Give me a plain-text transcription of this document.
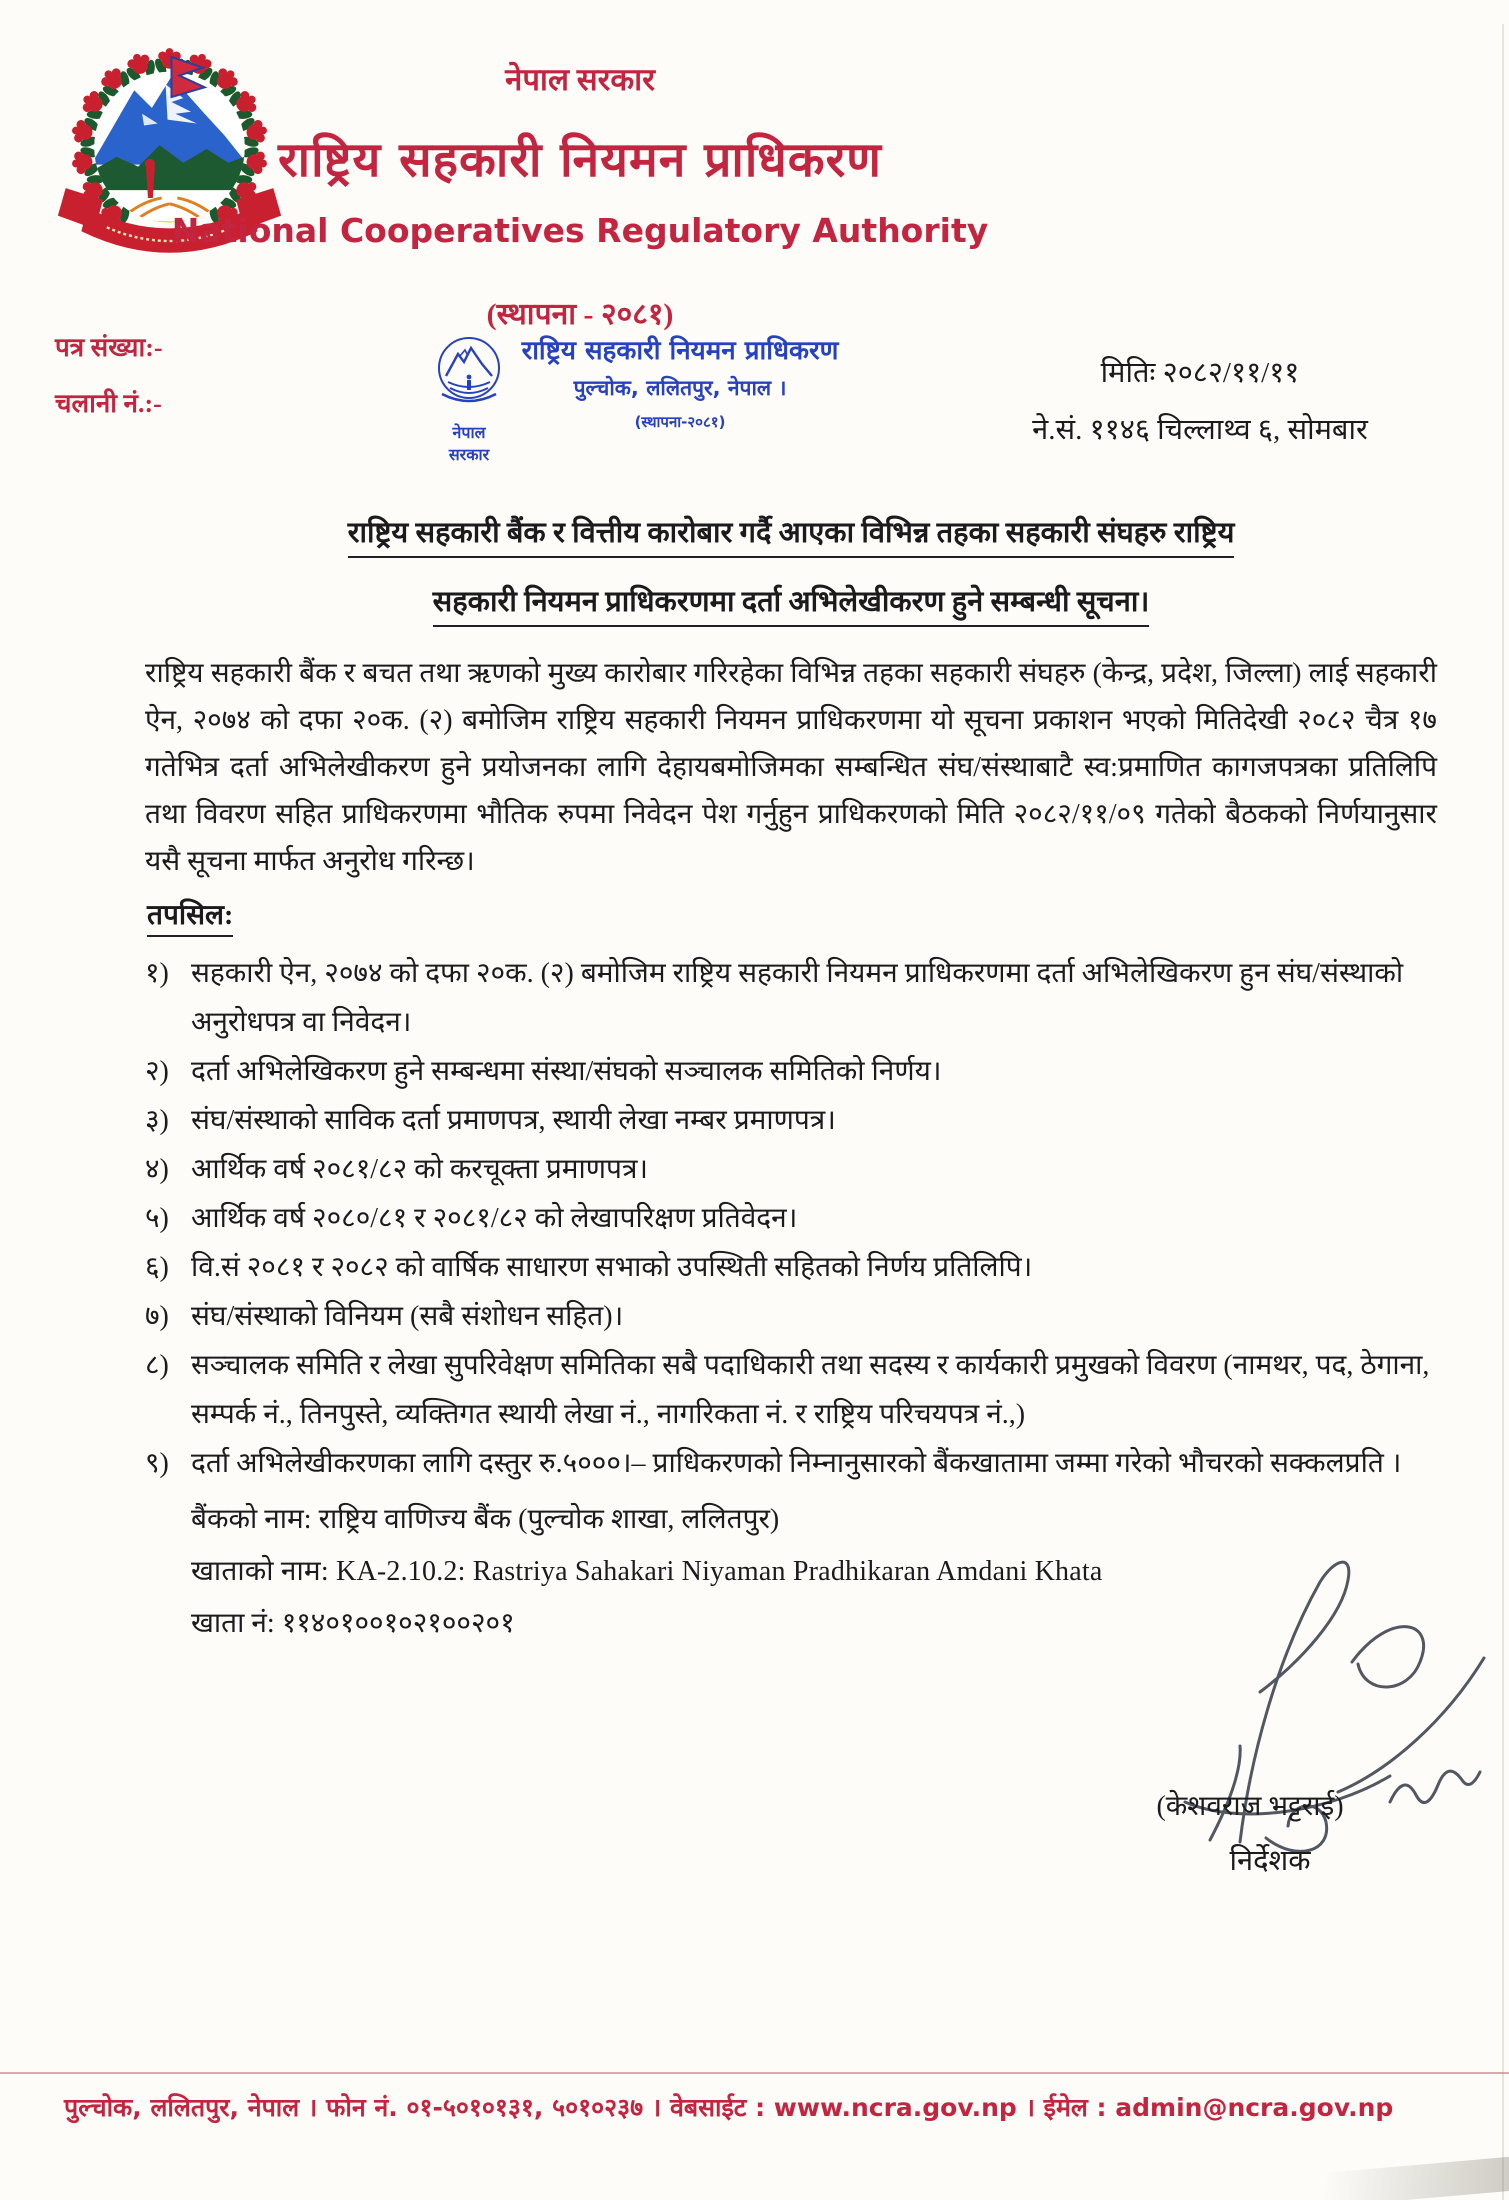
नेपाल सरकार
राष्ट्रिय सहकारी नियमन प्राधिकरण
National Cooperatives Regulatory Authority
(स्थापना - २०८१)
पत्र संख्या:-
चलानी नं.:-
नेपाल सरकार
राष्ट्रिय सहकारी नियमन प्राधिकरण
पुल्चोक, ललितपुर, नेपाल ।
(स्थापना-२०८१)
मितिः २०८२/११/११
ने.सं. ११४६ चिल्लाथ्व ६, सोमबार
राष्ट्रिय सहकारी बैंक र वित्तीय कारोबार गर्दै आएका विभिन्न तहका सहकारी संघहरु राष्ट्रिय
सहकारी नियमन प्राधिकरणमा दर्ता अभिलेखीकरण हुने सम्बन्धी सूचना।

राष्ट्रिय सहकारी बैंक र बचत तथा ऋणको मुख्य कारोबार गरिरहेका विभिन्न तहका सहकारी संघहरु (केन्द्र, प्रदेश, जिल्ला) लाई सहकारी ऐन, २०७४ को दफा २०क. (२) बमोजिम राष्ट्रिय सहकारी नियमन प्राधिकरणमा यो सूचना प्रकाशन भएको मितिदेखी २०८२ चैत्र १७ गतेभित्र दर्ता अभिलेखीकरण हुने प्रयोजनका लागि देहायबमोजिमका सम्बन्धित संघ/संस्थाबाटै स्व:प्रमाणित कागजपत्रका प्रतिलिपि तथा विवरण सहित प्राधिकरणमा भौतिक रुपमा निवेदन पेश गर्नुहुन प्राधिकरणको मिति २०८२/११/०९ गतेको बैठकको निर्णयानुसार यसै सूचना मार्फत अनुरोध गरिन्छ।

तपसिल:
१) सहकारी ऐन, २०७४ को दफा २०क. (२) बमोजिम राष्ट्रिय सहकारी नियमन प्राधिकरणमा दर्ता अभिलेखिकरण हुन संघ/संस्थाको अनुरोधपत्र वा निवेदन।
२) दर्ता अभिलेखिकरण हुने सम्बन्धमा संस्था/संघको सञ्चालक समितिको निर्णय।
३) संघ/संस्थाको साविक दर्ता प्रमाणपत्र, स्थायी लेखा नम्बर प्रमाणपत्र।
४) आर्थिक वर्ष २०८१/८२ को करचूक्ता प्रमाणपत्र।
५) आर्थिक वर्ष २०८०/८१ र २०८१/८२ को लेखापरिक्षण प्रतिवेदन।
६) वि.सं २०८१ र २०८२ को वार्षिक साधारण सभाको उपस्थिती सहितको निर्णय प्रतिलिपि।
७) संघ/संस्थाको विनियम (सबै संशोधन सहित)।
८) सञ्चालक समिति र लेखा सुपरिवेक्षण समितिका सबै पदाधिकारी तथा सदस्य र कार्यकारी प्रमुखको विवरण (नामथर, पद, ठेगाना, सम्पर्क नं., तिनपुस्ते, व्यक्तिगत स्थायी लेखा नं., नागरिकता नं. र राष्ट्रिय परिचयपत्र नं.,)
९) दर्ता अभिलेखीकरणका लागि दस्तुर रु.५०००।– प्राधिकरणको निम्नानुसारको बैंकखातामा जम्मा गरेको भौचरको सक्कलप्रति ।
बैंकको नाम: राष्ट्रिय वाणिज्य बैंक (पुल्चोक शाखा, ललितपुर)
खाताको नाम: KA-2.10.2: Rastriya Sahakari Niyaman Pradhikaran Amdani Khata
खाता नं: ११४०१००१०२१००२०१
(केशवराज भट्टराई)
निर्देशक
पुल्चोक, ललितपुर, नेपाल । फोन नं. ०१-५०१०१३१, ५०१०२३७ । वेबसाईट : www.ncra.gov.np । ईमेल : admin@ncra.gov.np
